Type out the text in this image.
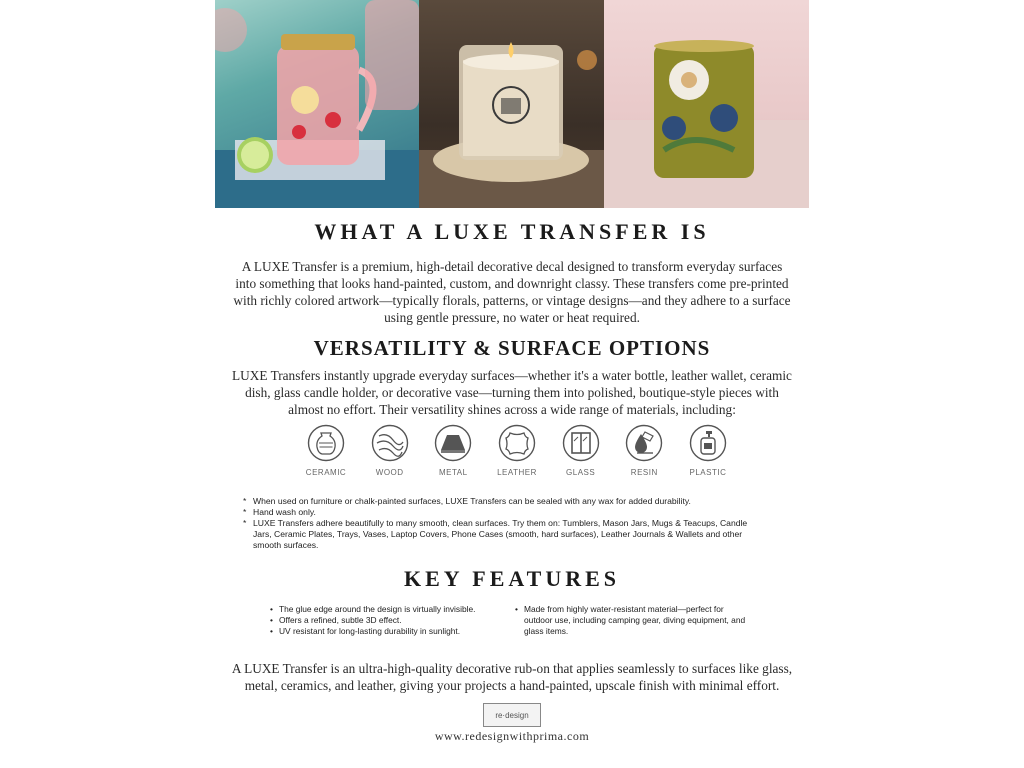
WHAT A LUXE TRANSFER IS
A LUXE Transfer is a premium, high-detail decorative decal designed to transform everyday surfaces into something that looks hand-painted, custom, and downright classy. These transfers come pre-printed with richly colored artwork—typically florals, patterns, or vintage designs—and they adhere to a surface using gentle pressure, no water or heat required.
VERSATILITY & SURFACE OPTIONS
LUXE Transfers instantly upgrade everyday surfaces—whether it's a water bottle, leather wallet, ceramic dish, glass candle holder, or decorative vase—turning them into polished, boutique-style pieces with almost no effort. Their versatility shines across a wide range of materials, including:
CERAMIC	WOOD	METAL	LEATHER	GLASS	RESIN	PLASTIC
* When used on furniture or chalk-painted surfaces, LUXE Transfers can be sealed with any wax for added durability.
* Hand wash only.
* LUXE Transfers adhere beautifully to many smooth, clean surfaces. Try them on: Tumblers, Mason Jars, Mugs & Teacups, Candle Jars, Ceramic Plates, Trays, Vases, Laptop Covers, Phone Cases (smooth, hard surfaces), Leather Journals & Wallets and other smooth surfaces.
KEY FEATURES
• The glue edge around the design is virtually invisible.
• Offers a refined, subtle 3D effect.
• UV resistant for long-lasting durability in sunlight.
• Made from highly water-resistant material—perfect for outdoor use, including camping gear, diving equipment, and glass items.
A LUXE Transfer is an ultra-high-quality decorative rub-on that applies seamlessly to surfaces like glass, metal, ceramics, and leather, giving your projects a hand-painted, upscale finish with minimal effort.
re·design
www.redesignwithprima.com
